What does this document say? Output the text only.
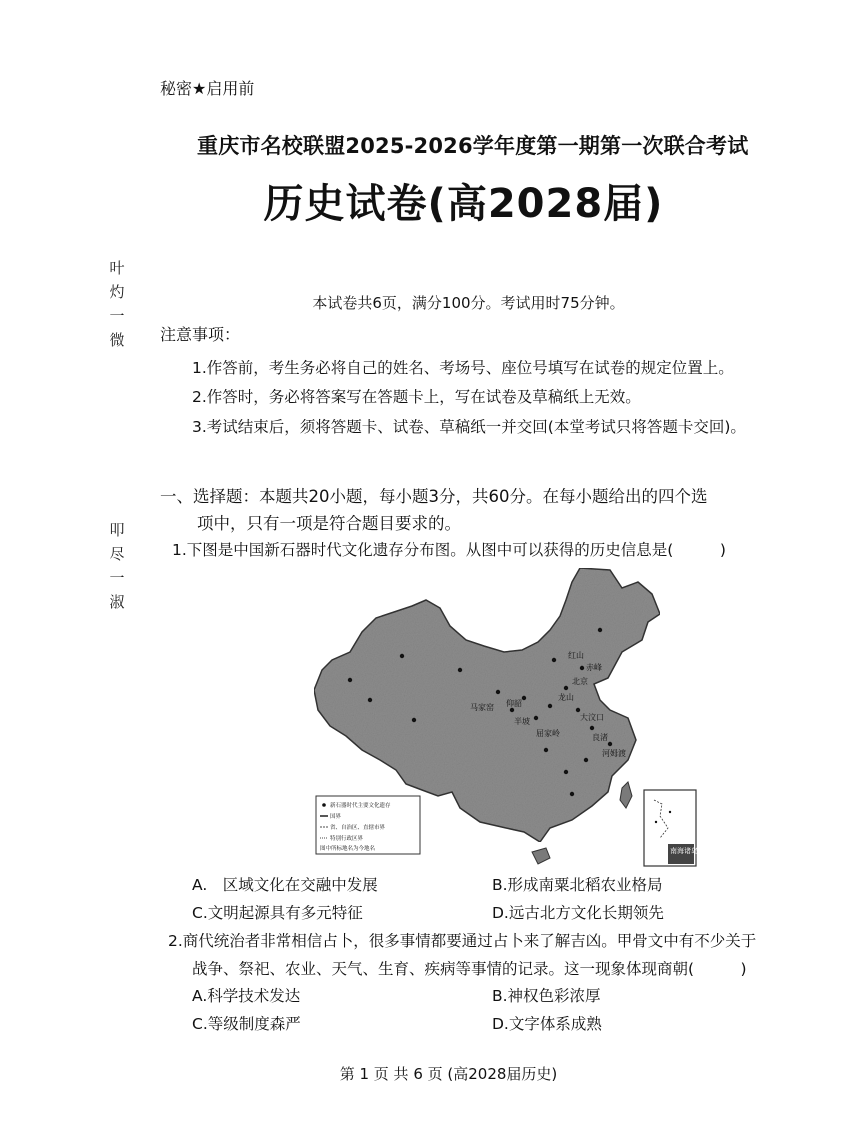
秘密★启用前
重庆市名校联盟2025-2026学年度第一期第一次联合考试
历史试卷(高2028届)
叶
灼
一
微
叩
尽
一
淑
本试卷共6页，满分100分。考试用时75分钟。
注意事项：
1.作答前，考生务必将自己的姓名、考场号、座位号填写在试卷的规定位置上。
2.作答时，务必将答案写在答题卡上，写在试卷及草稿纸上无效。
3.考试结束后，须将答题卡、试卷、草稿纸一并交回(本堂考试只将答题卡交回)。
一、选择题：本题共20小题，每小题3分，共60分。在每小题给出的四个选
项中，只有一项是符合题目要求的。
1.下图是中国新石器时代文化遗存分布图。从图中可以获得的历史信息是(　　　)
红山
赤峰
北京
仰韶
大汶口
龙山
良渚
河姆渡
屈家岭
半坡
马家窑
新石器时代主要文化遗存
国界
省、自治区、直辖市界
特别行政区界
图中所标地名为今地名	南海诸岛
A.　区域文化在交融中发展	B.形成南粟北稻农业格局
C.文明起源具有多元特征	D.远古北方文化长期领先
2.商代统治者非常相信占卜，很多事情都要通过占卜来了解吉凶。甲骨文中有不少关于
战争、祭祀、农业、天气、生育、疾病等事情的记录。这一现象体现商朝(　　　)
A.科学技术发达	B.神权色彩浓厚
C.等级制度森严	D.文字体系成熟
第 1 页 共 6 页 (高2028届历史)
